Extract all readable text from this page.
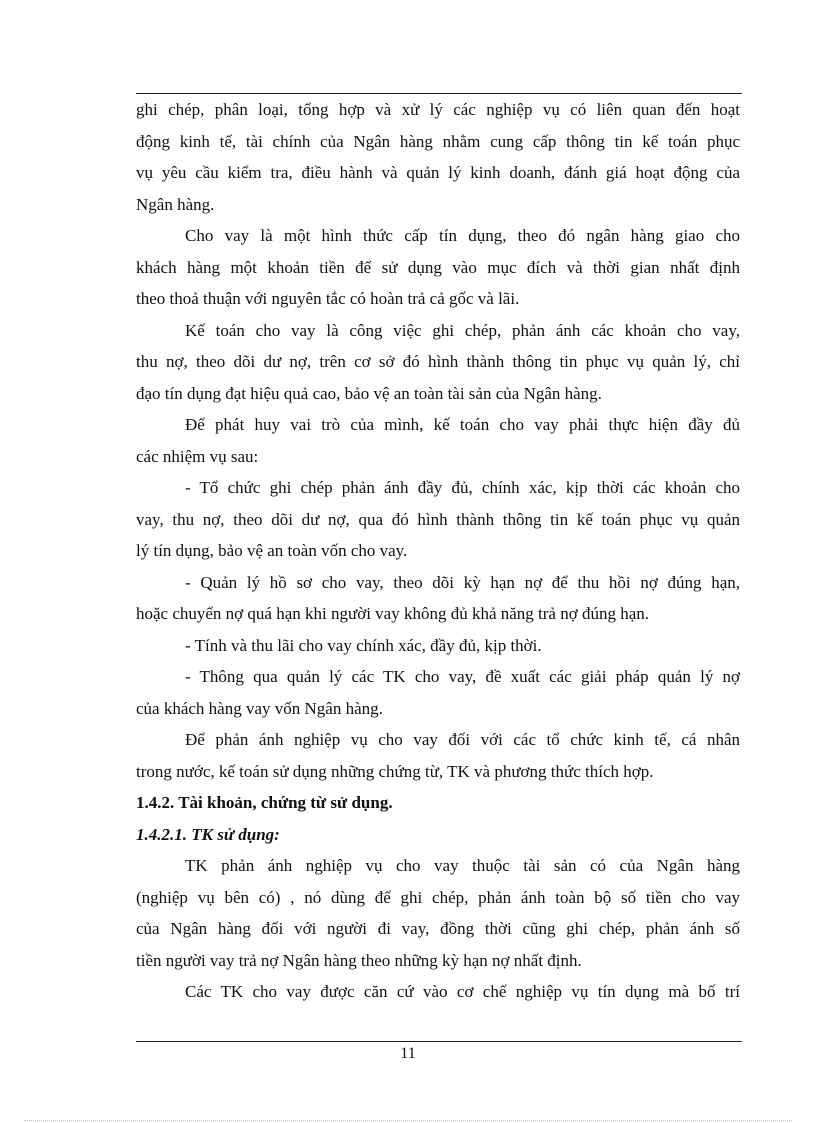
ghi chép, phân loại, tổng hợp và xử lý các nghiệp vụ có liên quan đến hoạt
động kinh tế, tài chính của Ngân hàng nhằm cung cấp thông tin kế toán phục
vụ yêu cầu kiểm tra, điều hành và quản lý kinh doanh, đánh giá hoạt động của
Ngân hàng.
Cho vay là một hình thức cấp tín dụng, theo đó ngân hàng giao cho
khách hàng một khoản tiền để sử dụng vào mục đích và thời gian nhất định
theo thoả thuận với nguyên tắc có hoàn trả cả gốc và lãi.
Kế toán cho vay là công việc ghi chép, phản ánh các khoản cho vay,
thu nợ, theo dõi dư nợ, trên cơ sở đó hình thành thông tin phục vụ quản lý, chỉ
đạo tín dụng đạt hiệu quả cao, bảo vệ an toàn tài sản của Ngân hàng.
Để phát huy vai trò của mình, kế toán cho vay phải thực hiện đầy đủ
các nhiệm vụ sau:
- Tổ chức ghi chép phản ánh đầy đủ, chính xác, kịp thời các khoản cho
vay, thu nợ, theo dõi dư nợ, qua đó hình thành thông tin kế toán phục vụ quản
lý tín dụng, bảo vệ an toàn vốn cho vay.
- Quản lý hồ sơ cho vay, theo dõi kỳ hạn nợ để thu hồi nợ đúng hạn,
hoặc chuyển nợ quá hạn khi người vay không đủ khả năng trả nợ đúng hạn.
- Tính và thu lãi cho vay chính xác, đầy đủ, kịp thời.
- Thông qua quản lý các TK cho vay, đề xuất các giải pháp quản lý nợ
của khách hàng vay vốn Ngân hàng.
Để phản ánh nghiệp vụ cho vay đối với các tổ chức kinh tế, cá nhân
trong nước, kế toán sử dụng những chứng từ, TK và phương thức thích hợp.
1.4.2. Tài khoản, chứng từ sử dụng.
1.4.2.1. TK sử dụng:
TK phản ánh nghiệp vụ cho vay thuộc tài sản có của Ngân hàng
(nghiệp vụ bên có) , nó dùng để ghi chép, phản ánh toàn bộ số tiền cho vay
của Ngân hàng đối với người đi vay, đồng thời cũng ghi chép, phản ánh số
tiền người vay trả nợ Ngân hàng theo những kỳ hạn nợ nhất định.
Các TK cho vay được căn cứ vào cơ chế nghiệp vụ tín dụng mà bố trí
11
